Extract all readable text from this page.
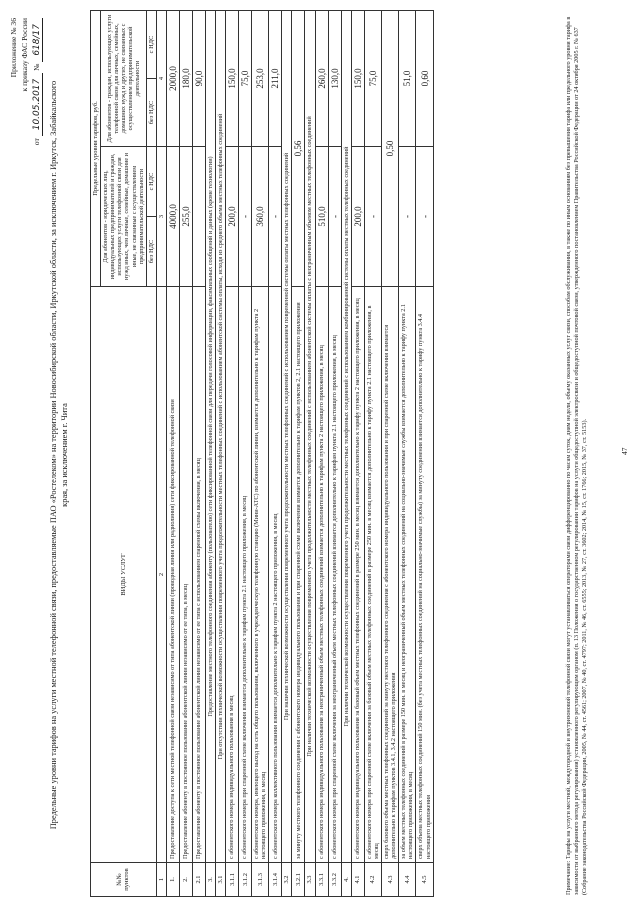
Приложение № 36 к приказу ФАС России
от 10.05.2017 № 618/17
Предельные уровни тарифов на услуги местной телефонной связи, предоставляемые ПАО «Ростелеком» на территории Новосибирской области, Иркутской области, за исключением г. Иркутск, Забайкальского края, за исключением г. Чита
№№ пунктов	ВИДЫ УСЛУГ	Предельные уровни тарифов, руб.			
		Для абонентов - юридических лиц, индивидуальных предпринимателей и граждан, использующих услуги телефонной связи для нужд иных, чем личные, семейные, домашние и иные, не связанные с осуществлением предпринимательской деятельности		Для абонентов - граждан, использующих услуги телефонной связи для личных, семейных, домашних нужд и других, не связанных с осуществлением предпринимательской деятельности	
		без НДС	с НДС	без НДС	с НДС
1	2	3		4	
1.	Предоставление доступа к сети местной телефонной связи независимо от типа абонентской линии (проводная линия или радиолиния) сети фиксированной телефонной связи	4000,0		2000,0	
2.	Предоставление абоненту в постоянное пользование абонентской линии независимо от ее типа, в месяц	255,0		180,0	
2.1	Предоставление абоненту в постоянное пользование абонентской линии независимо от ее типа с использованием спаренной схемы включения, в месяц			90,0	
3.	Предоставление местного телефонного соединения абоненту (пользователю) сети фиксированной телефонной связи для передачи голосовой информации, факсимильных сообщений и данных (кроме технологии)				
3.1	При отсутствии технической возможности осуществления повременного учета продолжительности местных телефонных соединений с использованием абонентской системы оплаты, исходя из среднего объема местных телефонных соединений				
3.1.1	с абонентского номера индивидуального пользования в месяц	200,0		150,0	
3.1.2	с абонентского номера при спаренной схеме включения взимается дополнительно к тарифам пункта 2.1 настоящего приложения, в месяц	-		75,0	
3.1.3	с абонентского номера, имеющего выход на сеть общего пользования, включенного в учрежденческую телефонную станцию (Мини-АТС) по абонентской линии, взимается дополнительно к тарифам пункта 2 настоящего приложения, в месяц	360,0		253,0	
3.1.4	с абонентского номера коллективного пользования взимается дополнительно к тарифам пункта 2 настоящего приложения, в месяц	-		211,0	
3.2	При наличии технической возможности осуществления повременного учета продолжительности местных телефонных соединений с использованием повременной системы оплаты местных телефонных соединений				
3.2.1	за минуту местного телефонного соединения с абонентского номера индивидуального пользования и при спаренной схеме включения взимается дополнительно к тарифам пунктов 2, 2.1 настоящего приложения	0,56			
3.3	При наличии технической возможности осуществления повременного учета продолжительности местных телефонных соединений с использованием абонентской системы оплаты с неограниченным объемом местных телефонных соединений				
3.3.1	с абонентского номера индивидуального пользования за неограниченный объем местных телефонных соединений взимается дополнительно к тарифам пункта 2 настоящего приложения, в месяц	510,0		260,0	
3.3.2	с абонентского номера при спаренной схеме включения за неограниченный объем местных телефонных соединений взимается дополнительно к тарифам пункта 2.1 настоящего приложения, в месяц	-		130,0	
4.	При наличии технической возможности осуществления повременного учета продолжительности местных телефонных соединений с использованием комбинированной системы оплаты местных телефонных соединений				
4.1	с абонентского номера индивидуального пользования за базовый объем местных телефонных соединений в размере 250 мин. в месяц взимается дополнительно к тарифу пункта 2 настоящего приложения, в месяц	200,0		150,0	
4.2	с абонентского номера при спаренной схеме включения за базовый объем местных телефонных соединений в размере 250 мин. в месяц взимается дополнительно к тарифу пункта 2.1 настоящего приложения, в месяц	-		75,0	
4.3	сверх базового объема местных телефонных соединений за минуту местного телефонного соединения с абонентского номера индивидуального пользования и при спаренной схеме включения взимается дополнительно к тарифам пунктов 3.4.1, 3.4.2 настоящего приложения	0,50			
4.4	за объем местных телефонных соединений в размере 150 мин. в месяц и неограниченный объем местных телефонных соединений на социально-значимые службы взимается дополнительно к тарифу пункта 2.1 настоящего приложения, в месяц	-		51,0	
4.5	сверх объема местных телефонных соединений 150 мин. (без учета местных телефонных соединений на социально-значимые службы) за минуту соединения взимается дополнительно к тарифу пункта 3.4.4 настоящего приложения	-		0,60	
Примечание: Тарифы на услуги местной, междугородной и внутризоновой телефонной связи могут устанавливаться операторами связи дифференцированно по часам суток, дням недели, объему оказанных услуг связи, способам обслуживания, в также по иным основаниям без превышения тарифа или предельного уровня тарифа в зависимости от выбранного метода регулирования) установленного регулирующим органом (п. 13 Положения о государственном регулировании тарифов на услуги общедоступной электросвязи и общедоступной почтовой связи, утвержденного постановлением Правительства Российской Федерации от 24 октября 2005 г. № 637 (Собрание законодательства Российской Федерации, 2005, № 44, ст. 4561; 2007, № 40, ст. 4797; 2011, № 46, ст. 6555; 2013, № 27, ст. 3602; 2014, № 15, ст. 1766; 2015, № 37, ст. 5153).	47
